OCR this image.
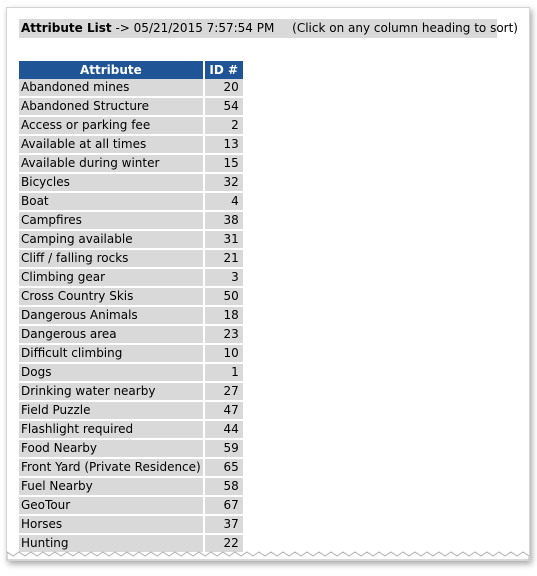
Attribute List -> 05/21/2015 7:57:54 PM (Click on any column heading to sort)
Attribute	ID #
Abandoned mines	20
Abandoned Structure	54
Access or parking fee	2
Available at all times	13
Available during winter	15
Bicycles	32
Boat	4
Campfires	38
Camping available	31
Cliff / falling rocks	21
Climbing gear	3
Cross Country Skis	50
Dangerous Animals	18
Dangerous area	23
Difficult climbing	10
Dogs	1
Drinking water nearby	27
Field Puzzle	47
Flashlight required	44
Food Nearby	59
Front Yard (Private Residence)	65
Fuel Nearby	58
GeoTour	67
Horses	37
Hunting	22
